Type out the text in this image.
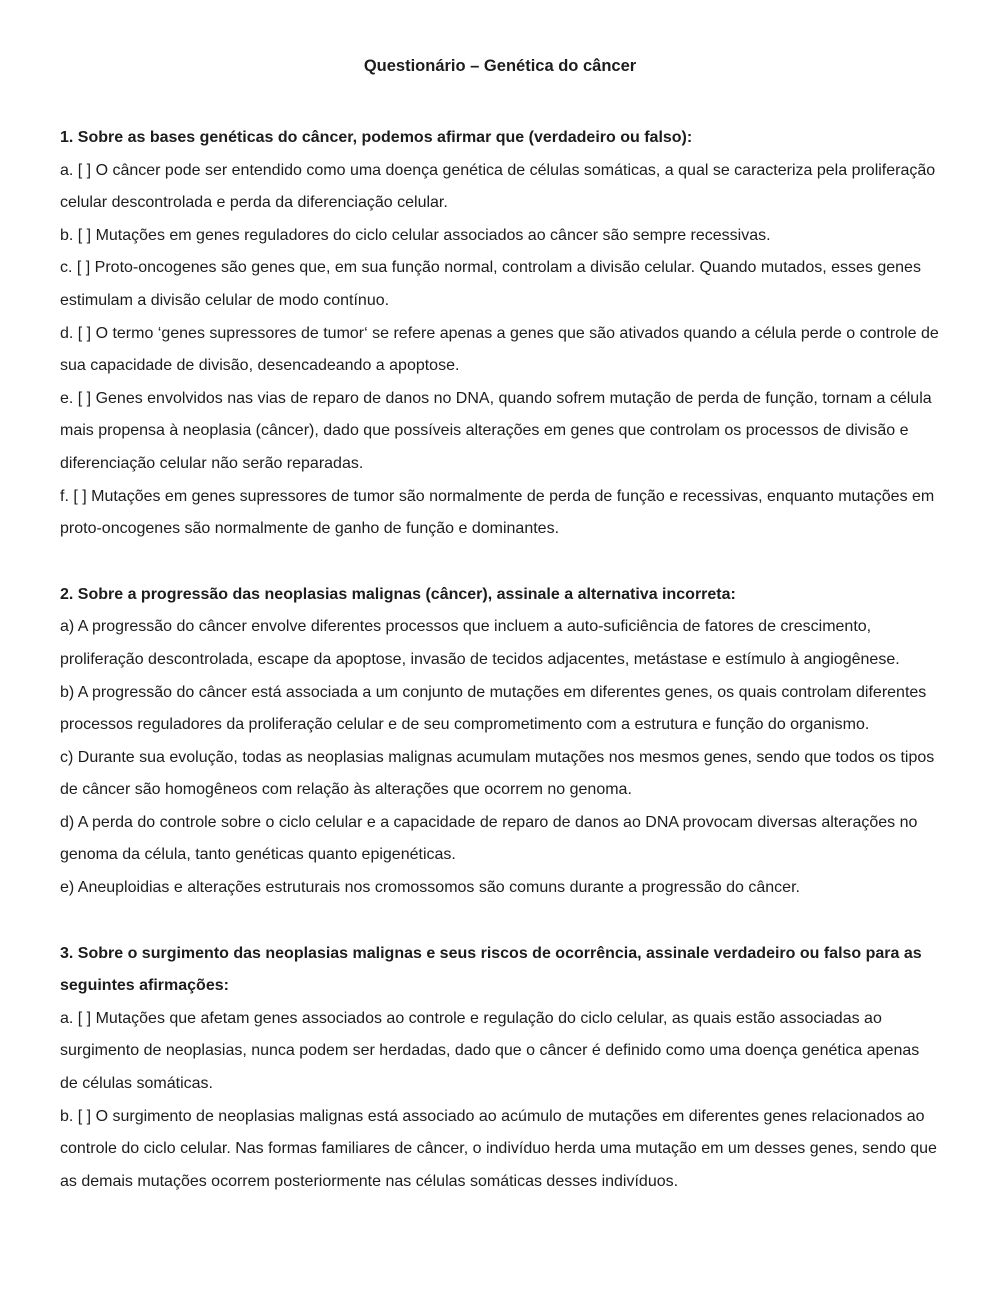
Questionário – Genética do câncer

1. Sobre as bases genéticas do câncer, podemos afirmar que (verdadeiro ou falso):

a. [ ] O câncer pode ser entendido como uma doença genética de células somáticas, a qual se caracteriza pela proliferação celular descontrolada e perda da diferenciação celular.

b. [ ] Mutações em genes reguladores do ciclo celular associados ao câncer são sempre recessivas.

c. [ ] Proto-oncogenes são genes que, em sua função normal, controlam a divisão celular. Quando mutados, esses genes estimulam a divisão celular de modo contínuo.

d. [ ] O termo ‘genes supressores de tumor‘ se refere apenas a genes que são ativados quando a célula perde o controle de sua capacidade de divisão, desencadeando a apoptose.

e. [ ] Genes envolvidos nas vias de reparo de danos no DNA, quando sofrem mutação de perda de função, tornam a célula mais propensa à neoplasia (câncer), dado que possíveis alterações em genes que controlam os processos de divisão e diferenciação celular não serão reparadas.

f. [ ] Mutações em genes supressores de tumor são normalmente de perda de função e recessivas, enquanto mutações em proto-oncogenes são normalmente de ganho de função e dominantes.

2. Sobre a progressão das neoplasias malignas (câncer), assinale a alternativa incorreta:

a) A progressão do câncer envolve diferentes processos que incluem a auto-suficiência de fatores de crescimento, proliferação descontrolada, escape da apoptose, invasão de tecidos adjacentes, metástase e estímulo à angiogênese.

b) A progressão do câncer está associada a um conjunto de mutações em diferentes genes, os quais controlam diferentes processos reguladores da proliferação celular e de seu comprometimento com a estrutura e função do organismo.

c) Durante sua evolução, todas as neoplasias malignas acumulam mutações nos mesmos genes, sendo que todos os tipos de câncer são homogêneos com relação às alterações que ocorrem no genoma.

d) A perda do controle sobre o ciclo celular e a capacidade de reparo de danos ao DNA provocam diversas alterações no genoma da célula, tanto genéticas quanto epigenéticas.

e) Aneuploidias e alterações estruturais nos cromossomos são comuns durante a progressão do câncer.

3. Sobre o surgimento das neoplasias malignas e seus riscos de ocorrência, assinale verdadeiro ou falso para as seguintes afirmações:

a. [ ] Mutações que afetam genes associados ao controle e regulação do ciclo celular, as quais estão associadas ao surgimento de neoplasias, nunca podem ser herdadas, dado que o câncer é definido como uma doença genética apenas de células somáticas.

b. [ ] O surgimento de neoplasias malignas está associado ao acúmulo de mutações em diferentes genes relacionados ao controle do ciclo celular. Nas formas familiares de câncer, o indivíduo herda uma mutação em um desses genes, sendo que as demais mutações ocorrem posteriormente nas células somáticas desses indivíduos.
